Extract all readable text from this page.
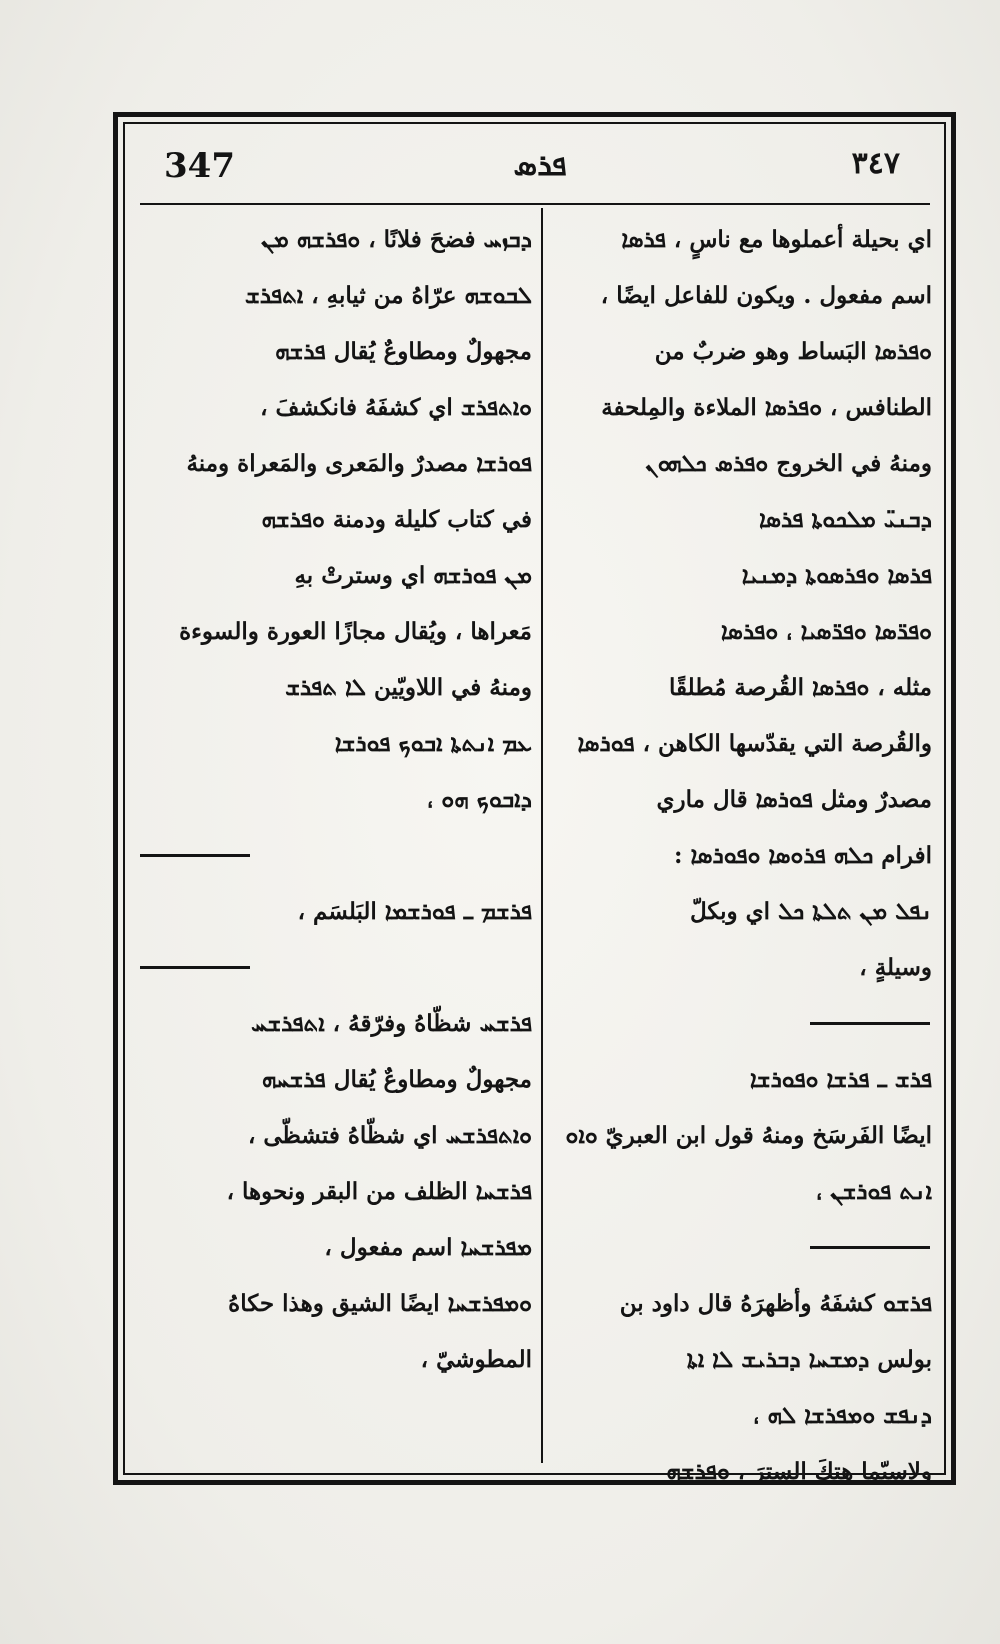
347	ܦܪܣ	٣٤٧
اي بحيلة أعملوها مع ناسٍ ، ܦܪܣܐ
اسم مفعول . ويكون للفاعل ايضًا ،
ܘܦܪܣܐ البَساط وهو ضربٌ من
الطنافس ، ܘܦܪܣܐ الملاءة والمِلحفة
ومنهُ في الخروج ܘܦܪܣ ܟܠܗܘܢ
ܕܒܢܝ̈ ܡܠܟܘܬܐ ܦܪܣܐ
ܦܪܣܐ ܘܦܪܣܘܬܐ ܕܡܢܝܐ
ܘܦܪ̈ܣܐ ܘܦܪ̈ܣܝܐ ، ܘܦܪܣܐ
مثله ، ܘܦܪܣܐ القُرصة مُطلقًا
والقُرصة التي يقدّسها الكاهن ، ܦܘܪܣܐ
مصدرٌ ومثل ܦܘܪܣܐ قال ماري
افرام ܟܠܗ ܦܪܘܣܐ ܘܦܘܪܣܐ :
ܢܦܠ ܡܢ ܬܠܬܐ ܟܠ اي وبكلّ
وسيلةٍ ،
ܦܪܫ ـ ܦܪܫܐ ܘܦܘܪܫܐ
ايضًا الفَرسَخ ومنهُ قول ابن العبريّ ܘܐܘ
ܐܢܬ ܦܘܪܫܢ ،
ܦܪܫܘ كشفَهُ وأظهرَهُ قال داود بن
بولس ܕܡܫܚܐ ܕܒܪܝܫ ܠܐ ܐܬܐ
ܕܢܦܫ ܘܡܦܪܫܐ ܠܗ ،
ولاسيّما هتكَ السِترَ ، ܘܦܪܫܗ
ܕܒܙܚ فضحَ فلانًا ، ܘܦܪܫܗ ܡܢ
ܠܒܘܫܗ عرّاهُ من ثيابهِ ، ܐܬܦܪܫ
مجهولٌ ومطاوعٌ يُقال ܦܪܫܗ
ܘܐܬܦܪܫ اي كشفَهُ فانكشفَ ،
ܦܘܪܫܐ مصدرٌ والمَعرى والمَعراة ومنهُ
في كتاب كليلة ودمنة ܘܦܪܫܗ
ܡܢ ܦܘܪܫܗ اي وسترتْ بهِ
مَعراها ، ويُقال مجازًا العورة والسوءة
ومنهُ في اللاويّين ܠܐ ܬܦܪܫ
ܥܡ ܐܢܬܬܐ ܐܒܘܟ ܦܘܪܫܐ
ܕܐܒܘܟ ܗܘ ،
ܦܪܫܡ ـ ܦܘܪܫܡܐ البَلسَم ،
ܦܪܫܚ شظّاهُ وفرّقهُ ، ܐܬܦܪܫܚ
مجهولٌ ومطاوعٌ يُقال ܦܪܫܚܗ
ܘܐܬܦܪܫܚ اي شظّاهُ فتشظّى ،
ܦܪܫܚܐ الظلف من البقر ونحوها ،
ܡܦܪܫܚܐ اسم مفعول ،
ܘܡܦܪܫܚܐ ايضًا الشيق وهذا حكاهُ
المطوشيّ ،
